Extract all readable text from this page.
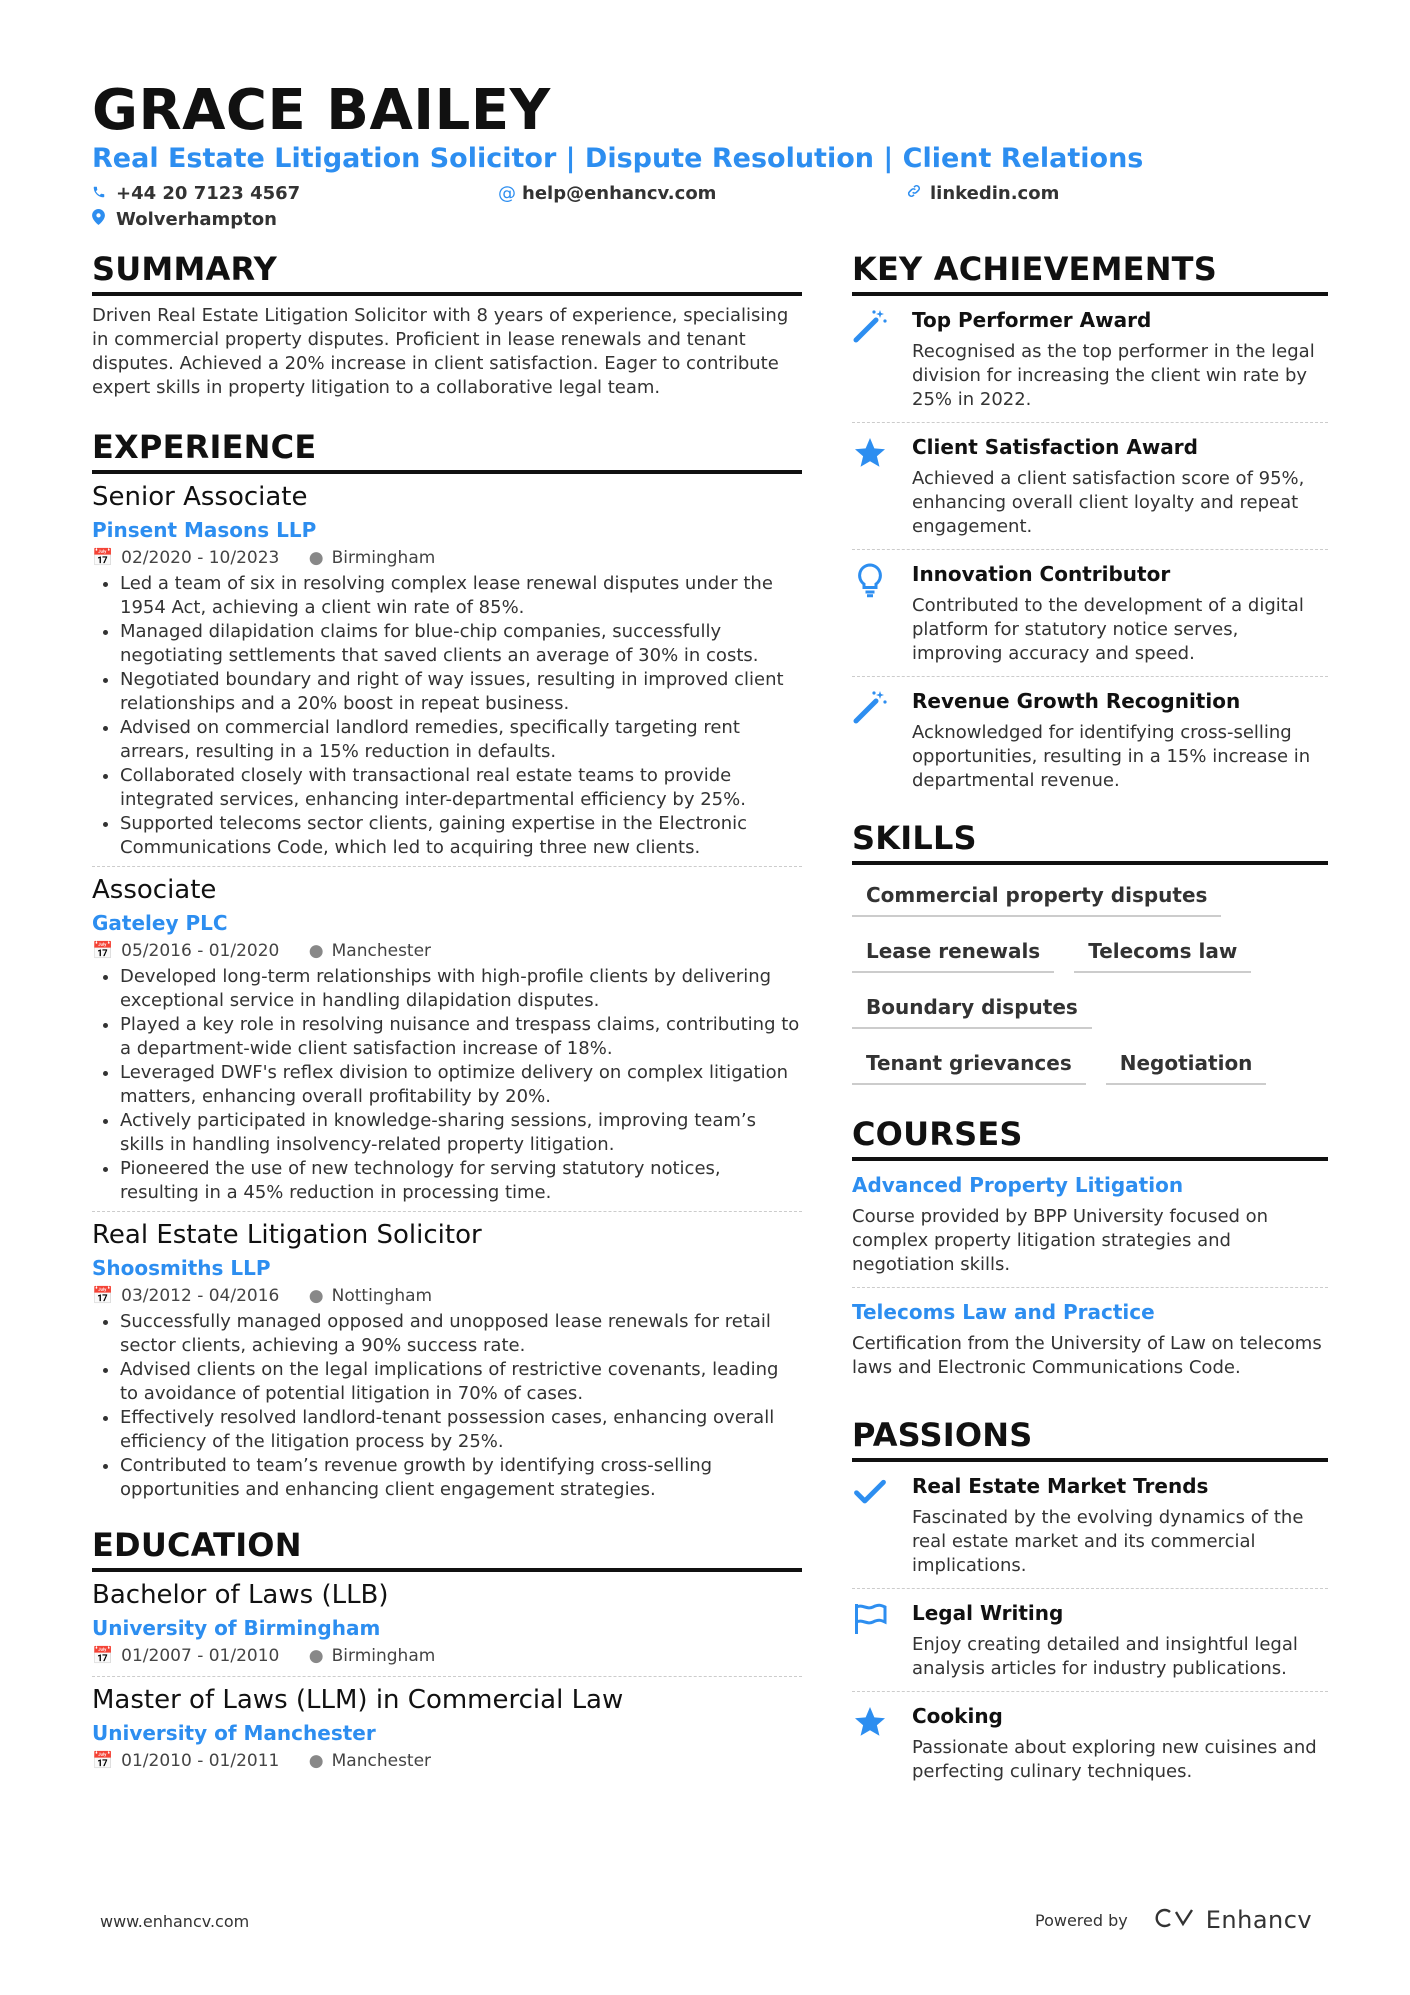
GRACE BAILEY
Real Estate Litigation Solicitor | Dispute Resolution | Client Relations
+44 20 7123 4567	@ help@enhancv.com	linkedin.com
Wolverhampton
SUMMARY

Driven Real Estate Litigation Solicitor with 8 years of experience, specialising in commercial property disputes. Proficient in lease renewals and tenant disputes. Achieved a 20% increase in client satisfaction. Eager to contribute expert skills in property litigation to a collaborative legal team.

EXPERIENCE
Senior Associate
Pinsent Masons LLP
📅 02/2020 - 10/2023 ● Birmingham
• Led a team of six in resolving complex lease renewal disputes under the 1954 Act, achieving a client win rate of 85%.
• Managed dilapidation claims for blue-chip companies, successfully negotiating settlements that saved clients an average of 30% in costs.
• Negotiated boundary and right of way issues, resulting in improved client relationships and a 20% boost in repeat business.
• Advised on commercial landlord remedies, specifically targeting rent arrears, resulting in a 15% reduction in defaults.
• Collaborated closely with transactional real estate teams to provide integrated services, enhancing inter-departmental efficiency by 25%.
• Supported telecoms sector clients, gaining expertise in the Electronic Communications Code, which led to acquiring three new clients.
Associate
Gateley PLC
📅 05/2016 - 01/2020 ● Manchester
• Developed long-term relationships with high-profile clients by delivering exceptional service in handling dilapidation disputes.
• Played a key role in resolving nuisance and trespass claims, contributing to a department-wide client satisfaction increase of 18%.
• Leveraged DWF's reflex division to optimize delivery on complex litigation matters, enhancing overall profitability by 20%.
• Actively participated in knowledge-sharing sessions, improving team’s skills in handling insolvency-related property litigation.
• Pioneered the use of new technology for serving statutory notices, resulting in a 45% reduction in processing time.
Real Estate Litigation Solicitor
Shoosmiths LLP
📅 03/2012 - 04/2016 ● Nottingham
• Successfully managed opposed and unopposed lease renewals for retail sector clients, achieving a 90% success rate.
• Advised clients on the legal implications of restrictive covenants, leading to avoidance of potential litigation in 70% of cases.
• Effectively resolved landlord-tenant possession cases, enhancing overall efficiency of the litigation process by 25%.
• Contributed to team’s revenue growth by identifying cross-selling opportunities and enhancing client engagement strategies.
EDUCATION
Bachelor of Laws (LLB)
University of Birmingham
📅 01/2007 - 01/2010 ● Birmingham
Master of Laws (LLM) in Commercial Law
University of Manchester
📅 01/2010 - 01/2011 ● Manchester
KEY ACHIEVEMENTS
Top Performer Award

Recognised as the top performer in the legal division for increasing the client win rate by 25% in 2022.

Client Satisfaction Award

Achieved a client satisfaction score of 95%, enhancing overall client loyalty and repeat engagement.

Innovation Contributor

Contributed to the development of a digital platform for statutory notice serves, improving accuracy and speed.

Revenue Growth Recognition

Acknowledged for identifying cross-selling opportunities, resulting in a 15% increase in departmental revenue.

SKILLS
Commercial property disputes
Lease renewals	Telecoms law
Boundary disputes
Tenant grievances	Negotiation
COURSES
Advanced Property Litigation

Course provided by BPP University focused on complex property litigation strategies and negotiation skills.

Telecoms Law and Practice

Certification from the University of Law on telecoms laws and Electronic Communications Code.

PASSIONS
Real Estate Market Trends

Fascinated by the evolving dynamics of the real estate market and its commercial implications.

Legal Writing

Enjoy creating detailed and insightful legal analysis articles for industry publications.

Cooking

Passionate about exploring new cuisines and perfecting culinary techniques.

www.enhancv.com	Powered by	Enhancv
